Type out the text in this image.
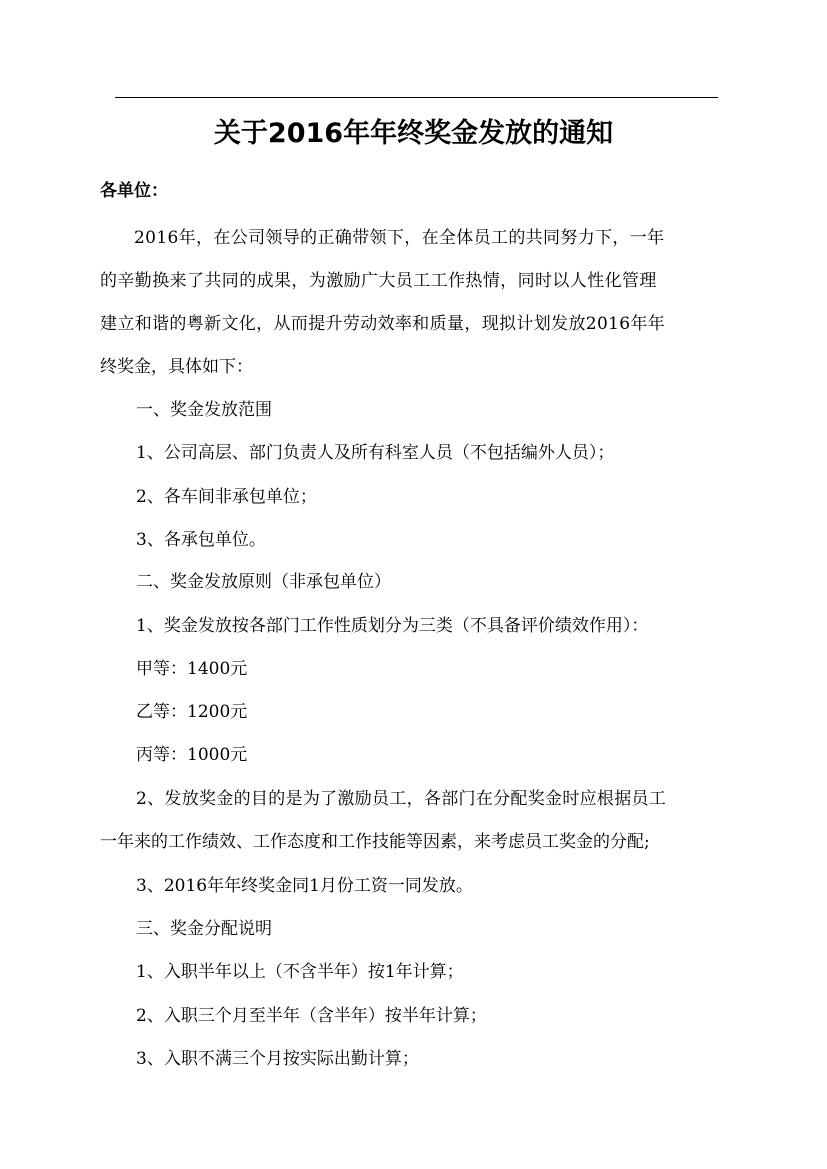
关于2016年年终奖金发放的通知
各单位：
2016年，在公司领导的正确带领下，在全体员工的共同努力下，一年
的辛勤换来了共同的成果，为激励广大员工工作热情，同时以人性化管理
建立和谐的粤新文化，从而提升劳动效率和质量，现拟计划发放2016年年
终奖金，具体如下：
一、奖金发放范围
1、公司高层、部门负责人及所有科室人员（不包括编外人员）；
2、各车间非承包单位；
3、各承包单位。
二、奖金发放原则（非承包单位）
1、奖金发放按各部门工作性质划分为三类（不具备评价绩效作用）：
甲等：1400元
乙等：1200元
丙等：1000元
2、发放奖金的目的是为了激励员工，各部门在分配奖金时应根据员工
一年来的工作绩效、工作态度和工作技能等因素，来考虑员工奖金的分配;
3、2016年年终奖金同1月份工资一同发放。
三、奖金分配说明
1、入职半年以上（不含半年）按1年计算；
2、入职三个月至半年（含半年）按半年计算；
3、入职不满三个月按实际出勤计算；
